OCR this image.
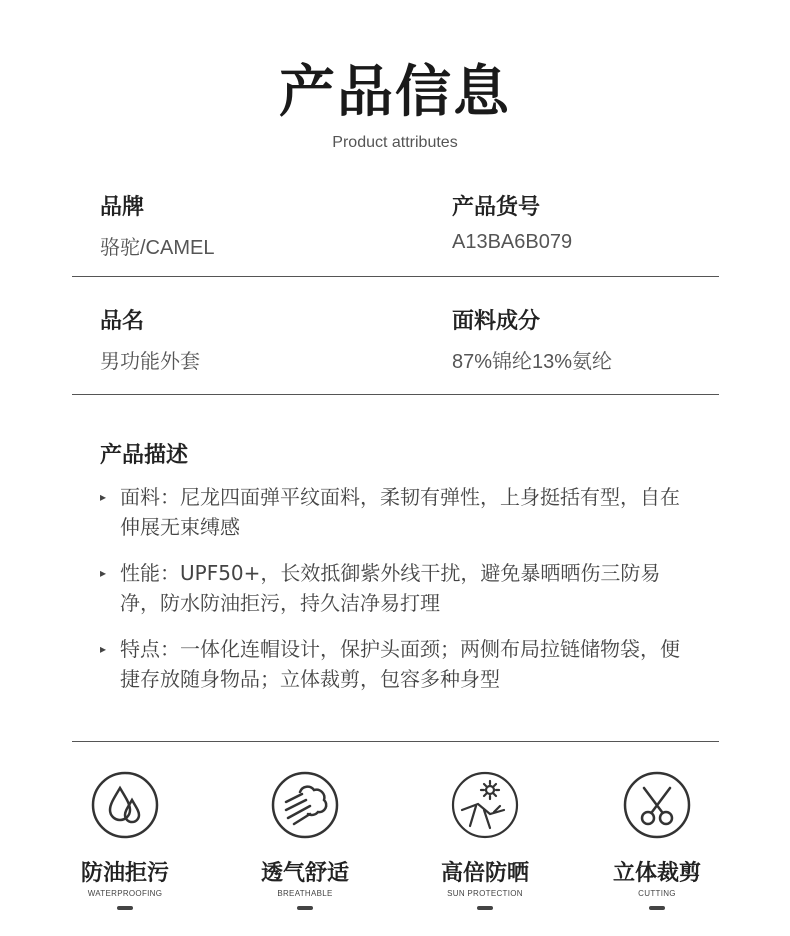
产品信息
Product attributes
品牌
骆驼/CAMEL
产品货号
A13BA6B079
品名
男功能外套
面料成分
87%锦纶13%氨纶
产品描述
▸ 面料：尼龙四面弹平纹面料，柔韧有弹性，上身挺括有型，自在伸展无束缚感
▸ 性能：UPF50+，长效抵御紫外线干扰，避免暴晒晒伤三防易净，防水防油拒污，持久洁净易打理
▸ 特点：一体化连帽设计，保护头面颈；两侧布局拉链储物袋，便捷存放随身物品；立体裁剪，包容多种身型
防油拒污
WATERPROOFING
透气舒适
BREATHABLE
高倍防晒
SUN PROTECTION
立体裁剪
CUTTING
